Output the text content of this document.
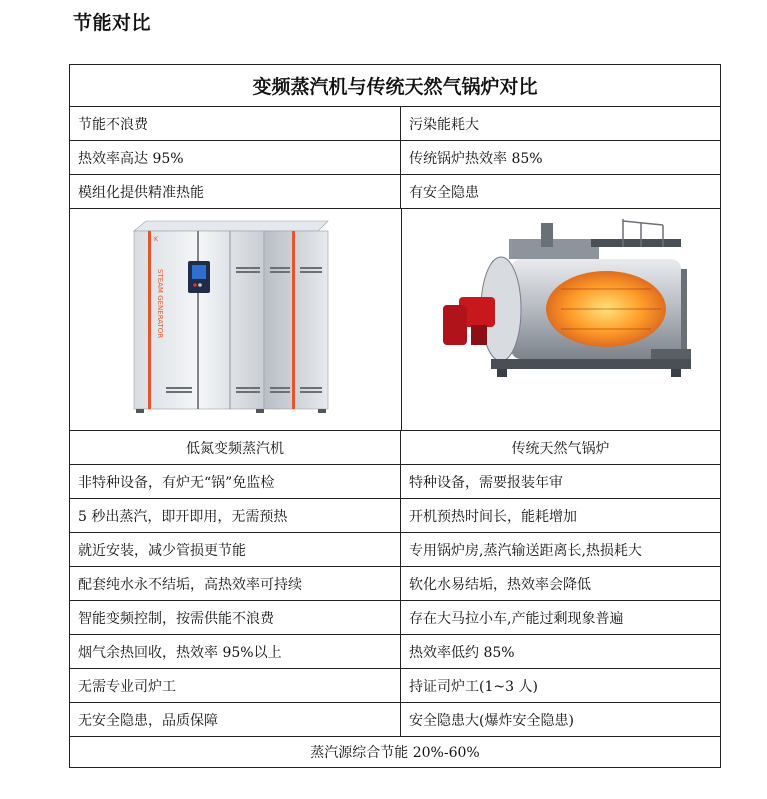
节能对比
变频蒸汽机与传统天然气锅炉对比
节能不浪费	污染能耗大
热效率高达 95%	传统锅炉热效率 85%
模组化提供精准热能	有安全隐患
STEAM GENERATOR
K
低氮变频蒸汽机	传统天然气锅炉
非特种设备，有炉无“锅”免监检	特种设备，需要报装年审
5 秒出蒸汽，即开即用，无需预热	开机预热时间长，能耗增加
就近安装，减少管损更节能	专用锅炉房,蒸汽输送距离长,热损耗大
配套纯水永不结垢，高热效率可持续	软化水易结垢，热效率会降低
智能变频控制，按需供能不浪费	存在大马拉小车,产能过剩现象普遍
烟气余热回收，热效率 95%以上	热效率低约 85%
无需专业司炉工	持证司炉工(1~3 人)
无安全隐患，品质保障	安全隐患大(爆炸安全隐患)
蒸汽源综合节能 20%-60%
